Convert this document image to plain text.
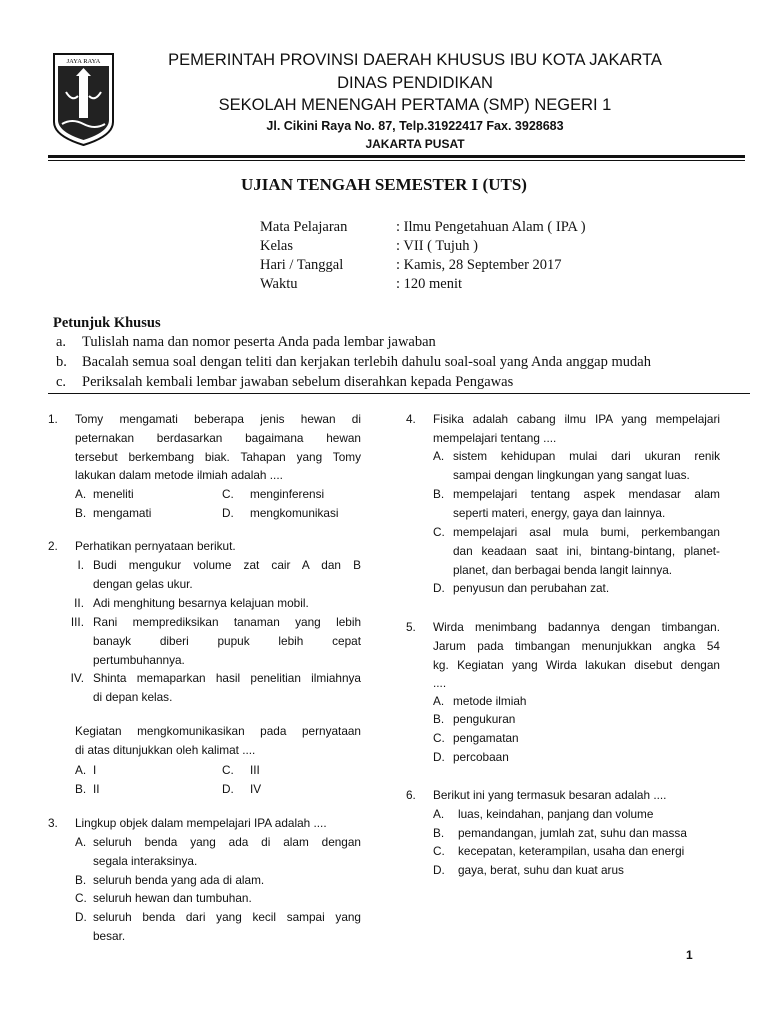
JAYA RAYA	PEMERINTAH PROVINSI DAERAH KHUSUS IBU KOTA JAKARTA
DINAS PENDIDIKAN
SEKOLAH MENENGAH PERTAMA (SMP) NEGERI 1
Jl. Cikini Raya No. 87, Telp.31922417 Fax. 3928683
JAKARTA PUSAT
UJIAN TENGAH SEMESTER I (UTS)
Mata Pelajaran	: Ilmu Pengetahuan Alam ( IPA )
Kelas	: VII ( Tujuh )
Hari / Tanggal	: Kamis, 28 September 2017
Waktu	: 120 menit
Petunjuk Khusus
a. Tulislah nama dan nomor peserta Anda pada lembar jawaban
b. Bacalah semua soal dengan teliti dan kerjakan terlebih dahulu soal-soal yang Anda anggap mudah
c. Periksalah kembali lembar jawaban sebelum diserahkan kepada Pengawas
1.	Tomy mengamati beberapa jenis hewan di
peternakan berdasarkan bagaimana hewan
tersebut berkembang biak. Tahapan yang Tomy
lakukan dalam metode ilmiah adalah ....
A. meneliti	C.	menginferensi
B. mengamati	D.	mengkomunikasi
2.	Perhatikan pernyataan berikut.
I. Budi mengukur volume zat cair A dan B
dengan gelas ukur.
II. Adi menghitung besarnya kelajuan mobil.
III. Rani memprediksikan tanaman yang lebih
banayk diberi pupuk lebih cepat
pertumbuhannya.
IV. Shinta memaparkan hasil penelitian ilmiahnya
di depan kelas.
Kegiatan mengkomunikasikan pada pernyataan
di atas ditunjukkan oleh kalimat ....
A. I	C.	III
B. II	D.	IV
3.	Lingkup objek dalam mempelajari IPA adalah ....
A. seluruh benda yang ada di alam dengan
segala interaksinya.
B. seluruh benda yang ada di alam.
C. seluruh hewan dan tumbuhan.
D. seluruh benda dari yang kecil sampai yang
besar.
4.	Fisika adalah cabang ilmu IPA yang mempelajari
mempelajari tentang ....
A. sistem kehidupan mulai dari ukuran renik
sampai dengan lingkungan yang sangat luas.
B. mempelajari tentang aspek mendasar alam
seperti materi, energy, gaya dan lainnya.
C. mempelajari asal mula bumi, perkembangan
dan keadaan saat ini, bintang-bintang, planet-
planet, dan berbagai benda langit lainnya.
D. penyusun dan perubahan zat.
5.	Wirda menimbang badannya dengan timbangan.
Jarum pada timbangan menunjukkan angka 54
kg. Kegiatan yang Wirda lakukan disebut dengan
....
A. metode ilmiah
B. pengukuran
C. pengamatan
D. percobaan
6.	Berikut ini yang termasuk besaran adalah ....
A.	luas, keindahan, panjang dan volume
B.	pemandangan, jumlah zat, suhu dan massa
C.	kecepatan, keterampilan, usaha dan energi
D.	gaya, berat, suhu dan kuat arus
1
